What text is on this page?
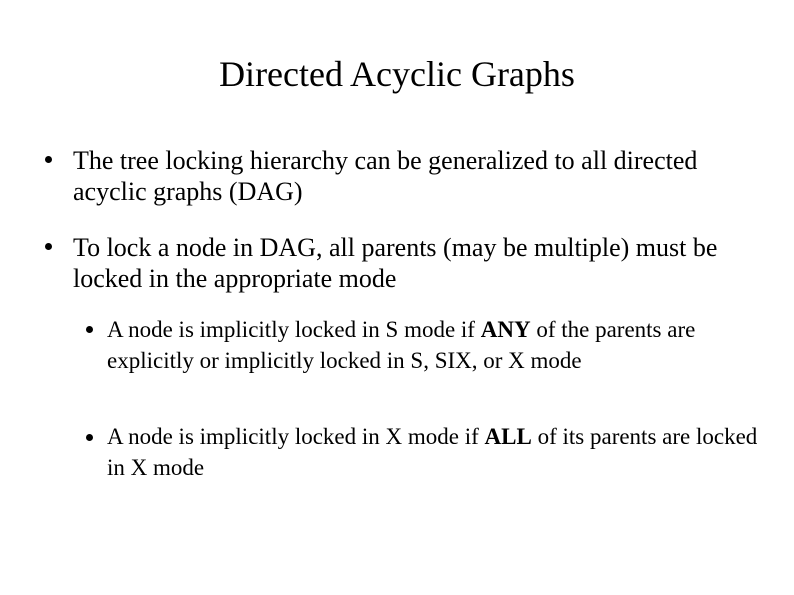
Directed Acyclic Graphs
The tree locking hierarchy can be generalized to all directed acyclic graphs (DAG)
To lock a node in DAG, all parents (may be multiple) must be locked in the appropriate mode
A node is implicitly locked in S mode if ANY of the parents are explicitly or implicitly locked in S, SIX, or X mode
A node is implicitly locked in X mode if ALL of its parents are locked in X mode
